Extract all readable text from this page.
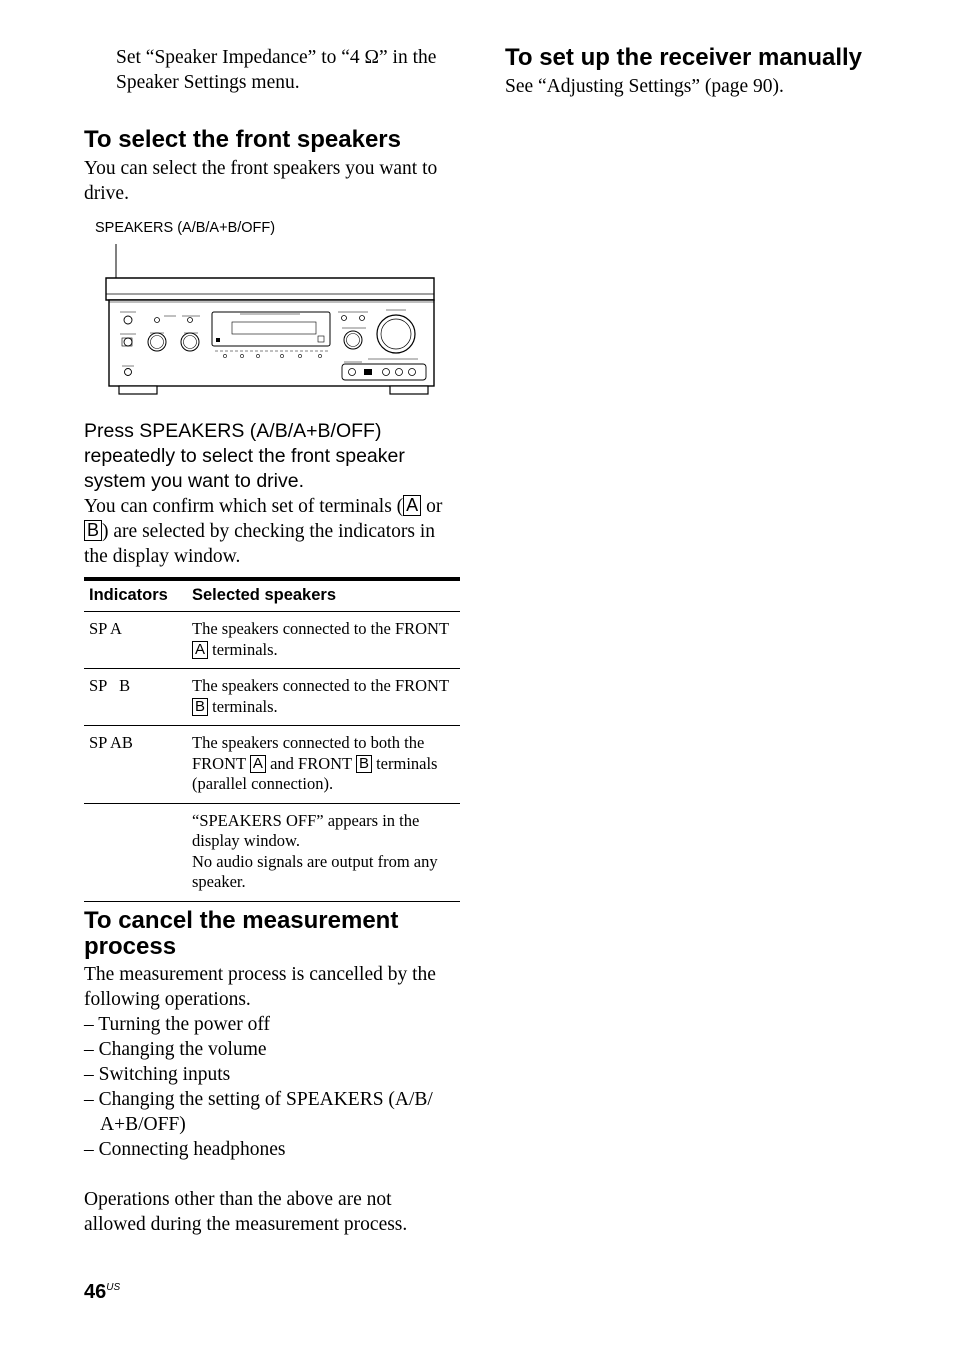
Set “Speaker Impedance” to “4 Ω” in the Speaker Settings menu.

To select the front speakers

You can select the front speakers you want to drive.

SPEAKERS (A/B/A+B/OFF)

Press SPEAKERS (A/B/A+B/OFF) repeatedly to select the front speaker system you want to drive.

You can confirm which set of terminals ( A or
B ) are selected by checking the indicators in the display window.

Indicators	Selected speakers
SP A	The speakers connected to the FRONT A terminals.
SP   B	The speakers connected to the FRONT B terminals.
SP AB	The speakers connected to both the FRONT A and FRONT B terminals (parallel connection).

	“SPEAKERS OFF” appears in the display window.
No audio signals are output from any speaker.
To cancel the measurement process

The measurement process is cancelled by the following operations.

– Turning the power off
– Changing the volume
– Switching inputs
– Changing the setting of SPEAKERS (A/B/ A+B/OFF)
– Connecting headphones

Operations other than the above are not allowed during the measurement process.

To set up the receiver manually

See “Adjusting Settings” (page 90).

$46^{US}$
